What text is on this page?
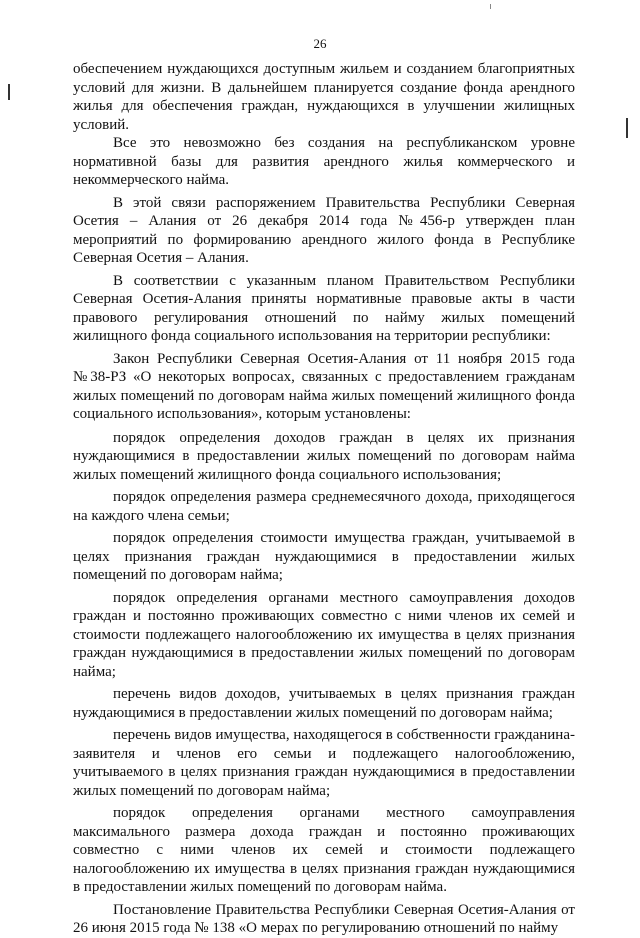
26

обеспечением нуждающихся доступным жильем и созданием благоприятных условий для жизни. В дальнейшем планируется создание фонда арендного жилья для обеспечения граждан, нуждающихся в улучшении жилищных условий.

Все это невозможно без создания на республиканском уровне нормативной базы для развития арендного жилья коммерческого и некоммерческого найма.

В этой связи распоряжением Правительства Республики Северная Осетия – Алания от 26 декабря 2014 года №456-р утвержден план мероприятий по формированию арендного жилого фонда в Республике Северная Осетия – Алания.

В соответствии с указанным планом Правительством Республики Северная Осетия-Алания приняты нормативные правовые акты в части правового регулирования отношений по найму жилых помещений жилищного фонда социального использования на территории республики:

Закон Республики Северная Осетия-Алания от 11 ноября 2015 года №38-РЗ «О некоторых вопросах, связанных с предоставлением гражданам жилых помещений по договорам найма жилых помещений жилищного фонда социального использования», которым установлены:

порядок определения доходов граждан в целях их признания нуждающимися в предоставлении жилых помещений по договорам найма жилых помещений жилищного фонда социального использования;

порядок определения размера среднемесячного дохода, приходящегося на каждого члена семьи;

порядок определения стоимости имущества граждан, учитываемой в целях признания граждан нуждающимися в предоставлении жилых помещений по договорам найма;

порядок определения органами местного самоуправления доходов граждан и постоянно проживающих совместно с ними членов их семей и стоимости подлежащего налогообложению их имущества в целях признания граждан нуждающимися в предоставлении жилых помещений по договорам найма;

перечень видов доходов, учитываемых в целях признания граждан нуждающимися в предоставлении жилых помещений по договорам найма;

перечень видов имущества, находящегося в собственности гражданина-заявителя и членов его семьи и подлежащего налогообложению, учитываемого в целях признания граждан нуждающимися в предоставлении жилых помещений по договорам найма;

порядок определения органами местного самоуправления максимального размера дохода граждан и постоянно проживающих совместно с ними членов их семей и стоимости подлежащего налогообложению их имущества в целях признания граждан нуждающимися в предоставлении жилых помещений по договорам найма.

Постановление Правительства Республики Северная Осетия-Алания от 26 июня 2015 года № 138 «О мерах по регулированию отношений по найму
